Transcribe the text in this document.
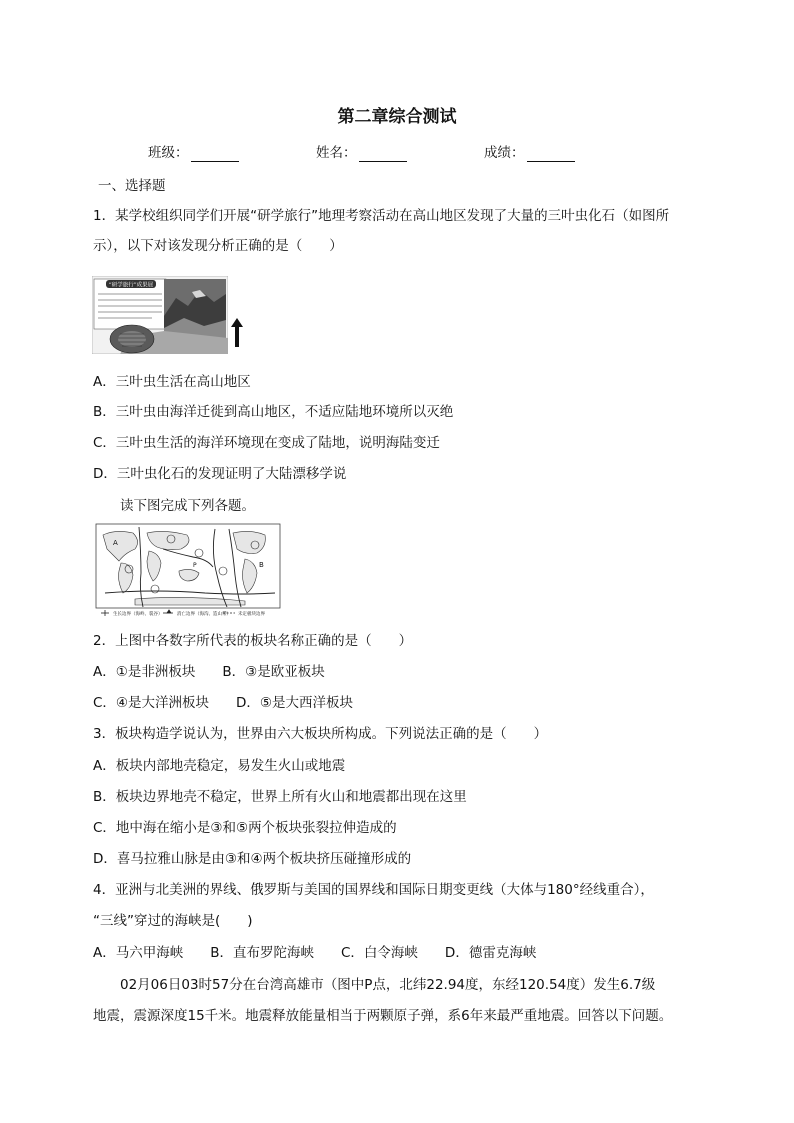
第二章综合测试
班级：	姓名：	成绩：
一、选择题
1．某学校组织同学们开展“研学旅行”地理考察活动在高山地区发现了大量的三叶虫化石（如图所
示），以下对该发现分析正确的是（　　）
“研学旅行”成果展
A．三叶虫生活在高山地区
B．三叶虫由海洋迁徙到高山地区，不适应陆地环境所以灭绝
C．三叶虫生活的海洋环境现在变成了陆地，说明海陆变迁
D．三叶虫化石的发现证明了大陆漂移学说
读下图完成下列各题。
A
B
P
生长边界（海岭、裂谷）	消亡边界（海沟、造山带） 未定板块边界
2．上图中各数字所代表的板块名称正确的是（　　）
A．①是非洲板块　　B．③是欧亚板块
C．④是大洋洲板块　　D．⑤是大西洋板块
3．板块构造学说认为，世界由六大板块所构成。下列说法正确的是（　　）
A．板块内部地壳稳定，易发生火山或地震
B．板块边界地壳不稳定，世界上所有火山和地震都出现在这里
C．地中海在缩小是③和⑤两个板块张裂拉伸造成的
D．喜马拉雅山脉是由③和④两个板块挤压碰撞形成的
4．亚洲与北美洲的界线、俄罗斯与美国的国界线和国际日期变更线（大体与180°经线重合），
“三线”穿过的海峡是(　　)
A．马六甲海峡　　B．直布罗陀海峡　　C．白令海峡　　D．德雷克海峡
02月06日03时57分在台湾高雄市（图中P点，北纬22.94度，东经120.54度）发生6.7级
地震，震源深度15千米。地震释放能量相当于两颗原子弹，系6年来最严重地震。回答以下问题。
